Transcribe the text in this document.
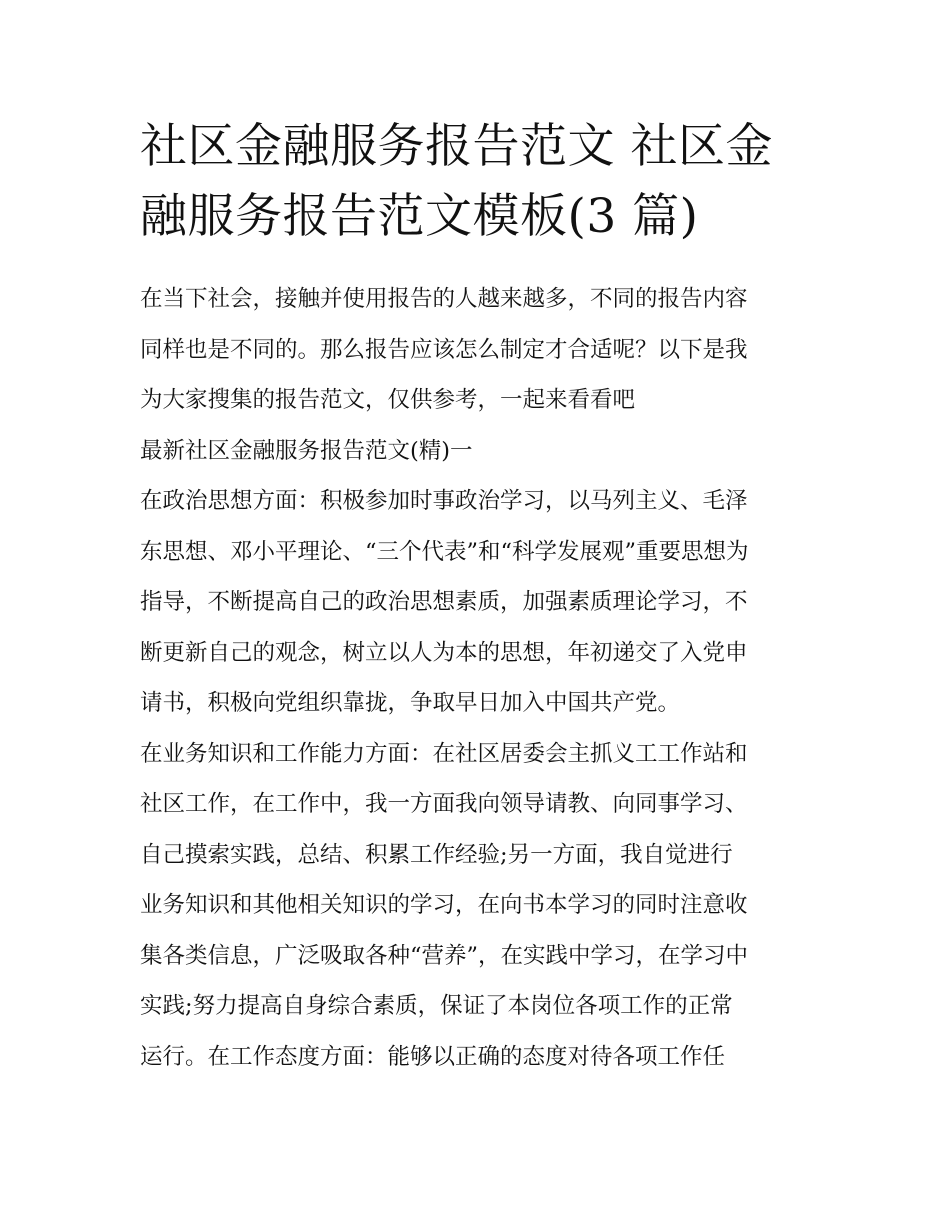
社区金融服务报告范文 社区金
融服务报告范文模板(3 篇)

在当下社会，接触并使用报告的人越来越多，不同的报告内容
同样也是不同的。那么报告应该怎么制定才合适呢？以下是我
为大家搜集的报告范文，仅供参考，一起来看看吧

最新社区金融服务报告范文(精)一

在政治思想方面：积极参加时事政治学习，以马列主义、毛泽
东思想、邓小平理论、“三个代表”和“科学发展观”重要思想为
指导，不断提高自己的政治思想素质，加强素质理论学习，不
断更新自己的观念，树立以人为本的思想，年初递交了入党申
请书，积极向党组织靠拢，争取早日加入中国共产党。

在业务知识和工作能力方面：在社区居委会主抓义工工作站和
社区工作，在工作中，我一方面我向领导请教、向同事学习、
自己摸索实践，总结、积累工作经验;另一方面，我自觉进行
业务知识和其他相关知识的学习，在向书本学习的同时注意收
集各类信息，广泛吸取各种“营养”，在实践中学习，在学习中
实践;努力提高自身综合素质，保证了本岗位各项工作的正常
运行。在工作态度方面：能够以正确的态度对待各项工作任
